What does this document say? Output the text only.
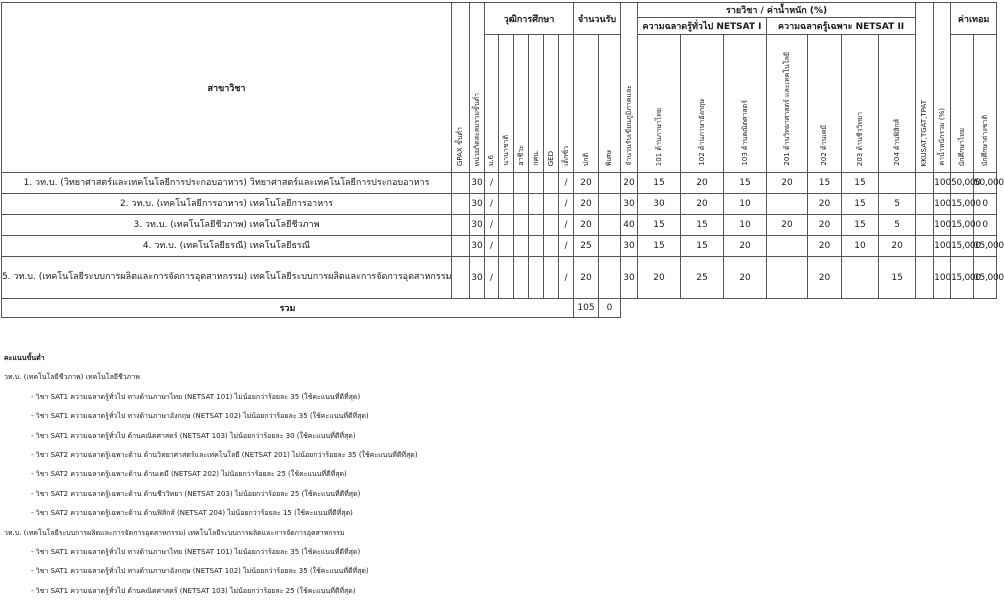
สาขาวิชา	GPAX ขั้นต่ำ	หน่วยกิตสะสมรวมขั้นต่ำ	วุฒิการศึกษา						จำนวนรับ		จำนวนรับเขียนภูมิภาคและ	รายวิชา / ค่าน้ำหนัก (%)							KKUSAT,TGAT,TPAT	ค่าน้ำหนักรวม (%)	ค่าเทอม	
												ความฉลาดรู้ทั่วไป NETSAT I			ความฉลาดรู้เฉพาะ NETSAT II							
			ม.6	นานาชาติ	อาชีวะ	กศน.	GED	เด็กซิ่ว	ปกติ	พิเศษ		101 ด้านภาษาไทย	102 ด้านภาษาอังกฤษ	103 ด้านคณิตศาสตร์	201 ด้านวิทยาศาสตร์ และเทคโนโลยี	202 ด้านเคมี	203 ด้านชีววิทยา	204 ด้านฟิสิกส์			นักศึกษาไทย	นักศึกษาต่างชาติ
1. วท.บ. (วิทยาศาสตร์และเทคโนโลยีการประกอบอาหาร) วิทยาศาสตร์และเทคโนโลยีการประกอบอาหาร		30	/					/	20		20	15	20	15	20	15	15			100	50,000	50,000
2. วท.บ. (เทคโนโลยีการอาหาร) เทคโนโลยีการอาหาร		30	/					/	20		30	30	20	10		20	15	5		100	15,000	0
3. วท.บ. (เทคโนโลยีชีวภาพ) เทคโนโลยีชีวภาพ		30	/					/	20		40	15	15	10	20	20	15	5		100	15,000	0
4. วท.บ. (เทคโนโลยีธรณี) เทคโนโลยีธรณี		30	/					/	25		30	15	15	20		20	10	20		100	15,000	15,000
5. วท.บ. (เทคโนโลยีระบบการผลิตและการจัดการอุตสาหกรรม) เทคโนโลยีระบบการผลิตและการจัดการอุตสาหกรรม		30	/					/	20		30	20	25	20		20		15		100	15,000	15,000
รวม									105	0												
คะแนนขั้นต่ำ
วท.บ. (เทคโนโลยีชีวภาพ) เทคโนโลยีชีวภาพ
- วิชา SAT1 ความฉลาดรู้ทั่วไป ทางด้านภาษาไทย (NETSAT 101) ไม่น้อยกว่าร้อยละ 35 (ใช้คะแนนที่ดีที่สุด)
- วิชา SAT1 ความฉลาดรู้ทั่วไป ทางด้านภาษาอังกฤษ (NETSAT 102) ไม่น้อยกว่าร้อยละ 35 (ใช้คะแนนที่ดีที่สุด)
- วิชา SAT1 ความฉลาดรู้ทั่วไป ด้านคณิตศาสตร์ (NETSAT 103) ไม่น้อยกว่าร้อยละ 30 (ใช้คะแนนที่ดีที่สุด)
- วิชา SAT2 ความฉลาดรู้เฉพาะด้าน ด้านวิทยาศาสตร์และเทคโนโลยี (NETSAT 201) ไม่น้อยกว่าร้อยละ 35 (ใช้คะแนนที่ดีที่สุด)
- วิชา SAT2 ความฉลาดรู้เฉพาะด้าน ด้านเคมี (NETSAT 202) ไม่น้อยกว่าร้อยละ 25 (ใช้คะแนนที่ดีที่สุด)
- วิชา SAT2 ความฉลาดรู้เฉพาะด้าน ด้านชีววิทยา (NETSAT 203) ไม่น้อยกว่าร้อยละ 25 (ใช้คะแนนที่ดีที่สุด)
- วิชา SAT2 ความฉลาดรู้เฉพาะด้าน ด้านฟิสิกส์ (NETSAT 204) ไม่น้อยกว่าร้อยละ 15 (ใช้คะแนนที่ดีที่สุด)
วท.บ. (เทคโนโลยีระบบการผลิตและการจัดการอุตสาหกรรม) เทคโนโลยีระบบการผลิตและการจัดการอุตสาหกรรม
- วิชา SAT1 ความฉลาดรู้ทั่วไป ทางด้านภาษาไทย (NETSAT 101) ไม่น้อยกว่าร้อยละ 35 (ใช้คะแนนที่ดีที่สุด)
- วิชา SAT1 ความฉลาดรู้ทั่วไป ทางด้านภาษาอังกฤษ (NETSAT 102) ไม่น้อยกว่าร้อยละ 35 (ใช้คะแนนที่ดีที่สุด)
- วิชา SAT1 ความฉลาดรู้ทั่วไป ด้านคณิตศาสตร์ (NETSAT 103) ไม่น้อยกว่าร้อยละ 25 (ใช้คะแนนที่ดีที่สุด)
